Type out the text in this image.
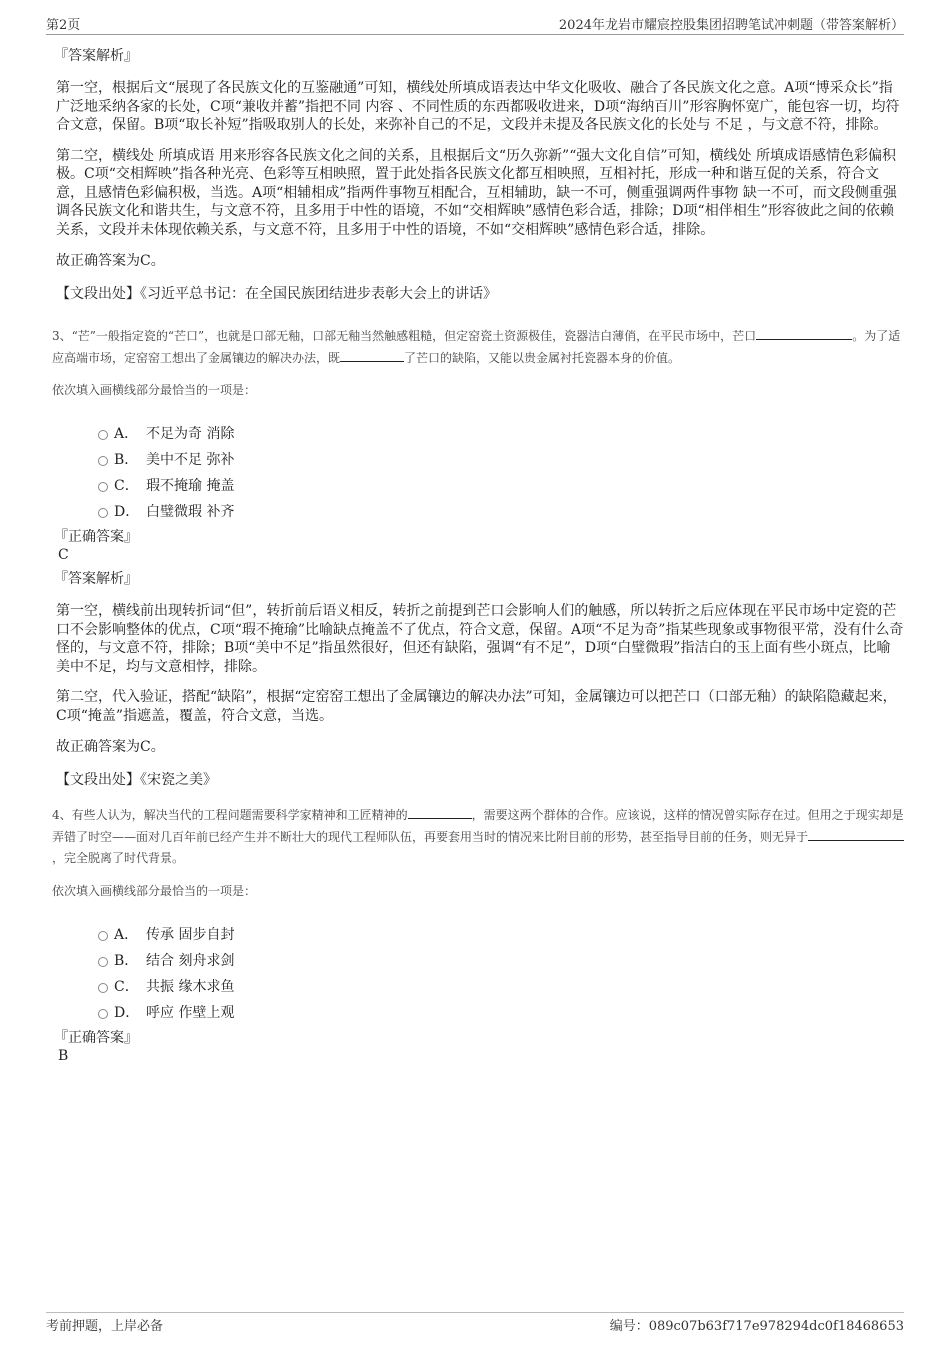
第2页	2024年龙岩市耀宸控股集团招聘笔试冲刺题（带答案解析）
『答案解析』

第一空，根据后文“展现了各民族文化的互鉴融通”可知，横线处所填成语表达中华文化吸收、融合了各民族文化之意。A项“博采众长”指广泛地采纳各家的长处，C项“兼收并蓄”指把不同 内容 、不同性质的东西都吸收进来，D项“海纳百川”形容胸怀宽广，能包容一切，均符合文意，保留。B项“取长补短”指吸取别人的长处，来弥补自己的不足，文段并未提及各民族文化的长处与 不足 ，与文意不符，排除。

第二空，横线处 所填成语 用来形容各民族文化之间的关系，且根据后文“历久弥新”“强大文化自信”可知，横线处 所填成语感情色彩偏积极。C项“交相辉映”指各种光亮、色彩等互相映照，置于此处指各民族文化都互相映照，互相衬托，形成一种和谐互促的关系，符合文意，且感情色彩偏积极，当选。A项“相辅相成”指两件事物互相配合，互相辅助，缺一不可，侧重强调两件事物 缺一不可，而文段侧重强调各民族文化和谐共生，与文意不符，且多用于中性的语境，不如“交相辉映”感情色彩合适，排除；D项“相伴相生”形容彼此之间的依赖关系，文段并未体现依赖关系，与文意不符，且多用于中性的语境，不如“交相辉映”感情色彩合适，排除。

故正确答案为C。

【文段出处】《习近平总书记：在全国民族团结进步表彰大会上的讲话》

3、“芒”一般指定瓷的“芒口”，也就是口部无釉，口部无釉当然触感粗糙，但定窑瓷土资源极佳，瓷器洁白薄俏，在平民市场中，芒口	。为了适应高端市场，定窑窑工想出了金属镶边的解决办法，既	了芒口的缺陷，又能以贵金属衬托瓷器本身的价值。

依次填入画横线部分最恰当的一项是：

A． 不足为奇 消除
B． 美中不足 弥补
C． 瑕不掩瑜 掩盖
D． 白璧微瑕 补齐
『正确答案』
C
『答案解析』

第一空，横线前出现转折词“但”，转折前后语义相反，转折之前提到芒口会影响人们的触感，所以转折之后应体现在平民市场中定瓷的芒口不会影响整体的优点，C项“瑕不掩瑜”比喻缺点掩盖不了优点，符合文意，保留。A项“不足为奇”指某些现象或事物很平常，没有什么奇怪的，与文意不符，排除；B项“美中不足”指虽然很好，但还有缺陷，强调“有不足”，D项“白璧微瑕”指洁白的玉上面有些小斑点，比喻美中不足，均与文意相悖，排除。

第二空，代入验证，搭配“缺陷”，根据“定窑窑工想出了金属镶边的解决办法”可知，金属镶边可以把芒口（口部无釉）的缺陷隐藏起来，C项“掩盖”指遮盖，覆盖，符合文意，当选。

故正确答案为C。

【文段出处】《宋瓷之美》

4、有些人认为，解决当代的工程问题需要科学家精神和工匠精神的	，需要这两个群体的合作。应该说，这样的情况曾实际存在过。但用之于现实却是弄错了时空——面对几百年前已经产生并不断壮大的现代工程师队伍，再要套用当时的情况来比附目前的形势，甚至指导目前的任务，则无异于，完全脱离了时代背景。

依次填入画横线部分最恰当的一项是：

A． 传承 固步自封
B． 结合 刻舟求剑
C． 共振 缘木求鱼
D． 呼应 作壁上观
『正确答案』
B
考前押题，上岸必备	编号：089c07b63f717e978294dc0f18468653
